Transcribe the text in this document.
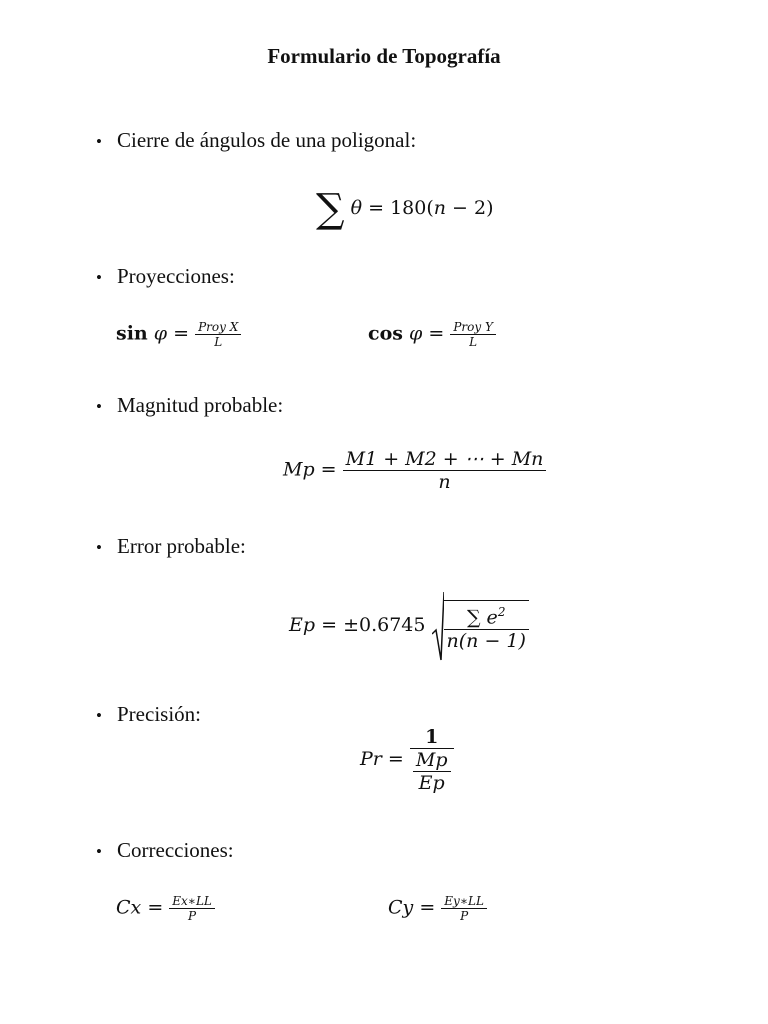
Formulario de Topografía
• Cierre de ángulos de una poligonal:
∑ θ = 180(n − 2)
• Proyecciones:
$\sin \varphi = \frac{\text{Proy X}}{L}$	$\cos \varphi = \frac{\text{Proy Y}}{L}$
• Magnitud probable:
$Mp = \frac{M1 + M2 + \cdots + Mn}{n}$
• Error probable:
$Ep = \pm 0.6745 \frac{\sum e^2}{n(n - 1)}$
• Precisión:
$Pr = \frac{1}{\frac{Mp}{Ep}}$
• Correcciones:
$Cx = \frac{Ex∗LL}{P}$	$Cy = \frac{Ey∗LL}{P}$
